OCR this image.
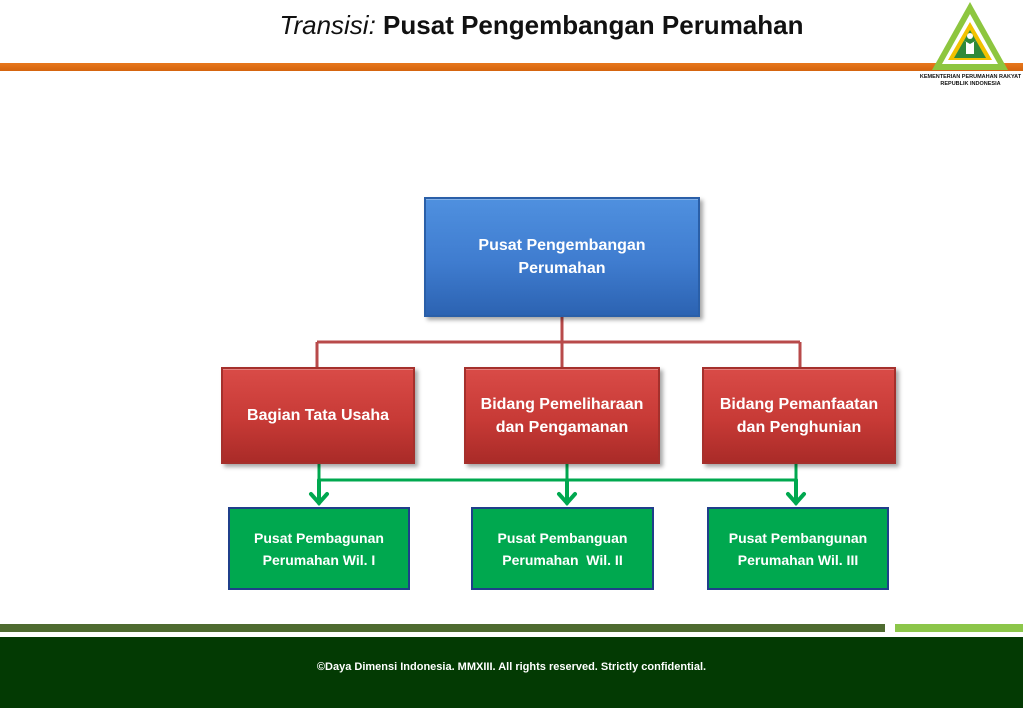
Transisi: Pusat Pengembangan Perumahan
KEMENTERIAN PERUMAHAN RAKYAT
REPUBLIK INDONESIA
Pusat Pengembangan
Perumahan
Bagian Tata Usaha
Bidang Pemeliharaan
dan Pengamanan
Bidang Pemanfaatan
dan Penghunian
Pusat Pembagunan
Perumahan Wil. I
Pusat Pembanguan
Perumahan  Wil. II
Pusat Pembangunan
Perumahan Wil. III
©Daya Dimensi Indonesia. MMXIII. All rights reserved. Strictly confidential.
